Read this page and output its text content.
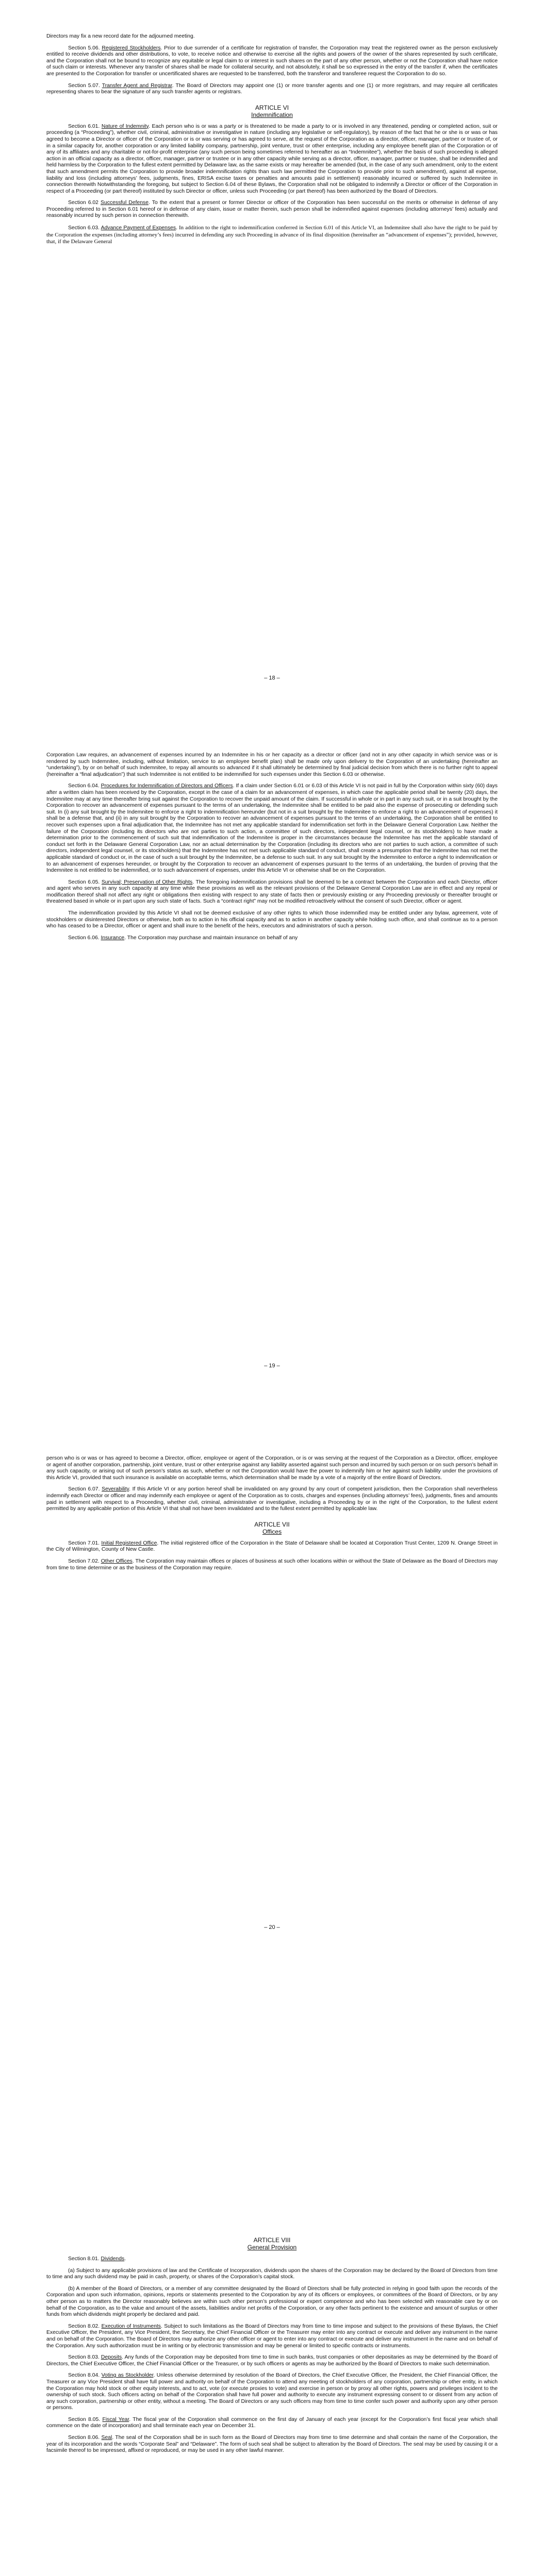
Directors may fix a new record date for the adjourned meeting.

Section 5.06. Registered Stockholders. Prior to due surrender of a certificate for registration of transfer, the Corporation may treat the registered owner as the person exclusively entitled to receive dividends and other distributions, to vote, to receive notice and otherwise to exercise all the rights and powers of the owner of the shares represented by such certificate, and the Corporation shall not be bound to recognize any equitable or legal claim to or interest in such shares on the part of any other person, whether or not the Corporation shall have notice of such claim or interests. Whenever any transfer of shares shall be made for collateral security, and not absolutely, it shall be so expressed in the entry of the transfer if, when the certificates are presented to the Corporation for transfer or uncertificated shares are requested to be transferred, both the transferor and transferee request the Corporation to do so.

Section 5.07. Transfer Agent and Registrar. The Board of Directors may appoint one (1) or more transfer agents and one (1) or more registrars, and may require all certificates representing shares to bear the signature of any such transfer agents or registrars.

ARTICLE VI
Indemnification

Section 6.01. Nature of Indemnity. Each person who is or was a party or is threatened to be made a party to or is involved in any threatened, pending or completed action, suit or proceeding (a “Proceeding”), whether civil, criminal, administrative or investigative in nature (including any legislative or self-regulatory), by reason of the fact that he or she is or was or has agreed to become a Director or officer of the Corporation or is or was serving or has agreed to serve, at the request of the Corporation as a director, officer, manager, partner or trustee of, or in a similar capacity for, another corporation or any limited liability company, partnership, joint venture, trust or other enterprise, including any employee benefit plan of the Corporation or of any of its affiliates and any charitable or not-for-profit enterprise (any such person being sometimes referred to hereafter as an “Indemnitee”), whether the basis of such proceeding is alleged action in an official capacity as a director, officer, manager, partner or trustee or in any other capacity while serving as a director, officer, manager, partner or trustee, shall be indemnified and held harmless by the Corporation to the fullest extent permitted by Delaware law, as the same exists or may hereafter be amended (but, in the case of any such amendment, only to the extent that such amendment permits the Corporation to provide broader indemnification rights than such law permitted the Corporation to provide prior to such amendment), against all expense, liability and loss (including attorneys’ fees, judgments, fines, ERISA excise taxes or penalties and amounts paid in settlement) reasonably incurred or suffered by such Indemnitee in connection therewith Notwithstanding the foregoing, but subject to Section 6.04 of these Bylaws, the Corporation shall not be obligated to indemnify a Director or officer of the Corporation in respect of a Proceeding (or part thereof) instituted by such Director or officer, unless such Proceeding (or part thereof) has been authorized by the Board of Directors.

Section 6.02 Successful Defense. To the extent that a present or former Director or officer of the Corporation has been successful on the merits or otherwise in defense of any Proceeding referred to in Section 6.01 hereof or in defense of any claim, issue or matter therein, such person shall be indemnified against expenses (including attorneys’ fees) actually and reasonably incurred by such person in connection therewith.

Section 6.03. Advance Payment of Expenses. In addition to the right to indemnification conferred in Section 6.01 of this Article VI, an Indemnitee shall also have the right to be paid by the Corporation the expenses (including attorney’s fees) incurred in defending any such Proceeding in advance of its final disposition (hereinafter an “advancement of expenses”); provided, however, that, if the Delaware General

– 18 –

Corporation Law requires, an advancement of expenses incurred by an Indemnitee in his or her capacity as a director or officer (and not in any other capacity in which service was or is rendered by such Indemnitee, including, without limitation, service to an employee benefit plan) shall be made only upon delivery to the Corporation of an undertaking (hereinafter an “undertaking”), by or on behalf of such Indemnitee, to repay all amounts so advanced if it shall ultimately be determined by final judicial decision from which there is no further right to appeal (hereinafter a “final adjudication”) that such Indemnitee is not entitled to be indemnified for such expenses under this Section 6.03 or otherwise.

Section 6.04. Procedures for Indemnification of Directors and Officers. If a claim under Section 6.01 or 6.03 of this Article VI is not paid in full by the Corporation within sixty (60) days after a written claim has been received by the Corporation, except in the case of a claim for an advancement of expenses, in which case the applicable period shall be twenty (20) days, the Indemnitee may at any time thereafter bring suit against the Corporation to recover the unpaid amount of the claim. If successful in whole or in part in any such suit, or in a suit brought by the Corporation to recover an advancement of expenses pursuant to the terms of an undertaking, the Indemnitee shall be entitled to be paid also the expense of prosecuting or defending such suit. In (i) any suit brought by the Indemnitee to enforce a right to indemnification hereunder (but not in a suit brought by the Indemnitee to enforce a right to an advancement of expenses) it shall be a defense that, and (ii) in any suit brought by the Corporation to recover an advancement of expenses pursuant to the terms of an undertaking, the Corporation shall be entitled to recover such expenses upon a final adjudication that, the Indemnitee has not met any applicable standard for indemnification set forth in the Delaware General Corporation Law. Neither the failure of the Corporation (including its directors who are not parties to such action, a committee of such directors, independent legal counsel, or its stockholders) to have made a determination prior to the commencement of such suit that indemnification of the Indemnitee is proper in the circumstances because the Indemnitee has met the applicable standard of conduct set forth in the Delaware General Corporation Law, nor an actual determination by the Corporation (including its directors who are not parties to such action, a committee of such directors, independent legal counsel, or its stockholders) that the Indemnitee has not met such applicable standard of conduct, shall create a presumption that the Indemnitee has not met the applicable standard of conduct or, in the case of such a suit brought by the Indemnitee, be a defense to such suit. In any suit brought by the Indemnitee to enforce a right to indemnification or to an advancement of expenses hereunder, or brought by the Corporation to recover an advancement of expenses pursuant to the terms of an undertaking, the burden of proving that the Indemnitee is not entitled to be indemnified, or to such advancement of expenses, under this Article VI or otherwise shall be on the Corporation.

Section 6.05. Survival; Preservation of Other Rights. The foregoing indemnification provisions shall be deemed to be a contract between the Corporation and each Director, officer and agent who serves in any such capacity at any time while these provisions as well as the relevant provisions of the Delaware General Corporation Law are in effect and any repeal or modification thereof shall not affect any right or obligations then existing with respect to any state of facts then or previously existing or any Proceeding previously or thereafter brought or threatened based in whole or in part upon any such state of facts. Such a “contract right” may not be modified retroactively without the consent of such Director, officer or agent.

The indemnification provided by this Article VI shall not be deemed exclusive of any other rights to which those indemnified may be entitled under any bylaw, agreement, vote of stockholders or disinterested Directors or otherwise, both as to action in his official capacity and as to action in another capacity while holding such office, and shall continue as to a person who has ceased to be a Director, officer or agent and shall inure to the benefit of the heirs, executors and administrators of such a person.

Section 6.06. Insurance. The Corporation may purchase and maintain insurance on behalf of any

– 19 –

person who is or was or has agreed to become a Director, officer, employee or agent of the Corporation, or is or was serving at the request of the Corporation as a Director, officer, employee or agent of another corporation, partnership, joint venture, trust or other enterprise against any liability asserted against such person and incurred by such person or on such person’s behalf in any such capacity, or arising out of such person’s status as such, whether or not the Corporation would have the power to indemnify him or her against such liability under the provisions of this Article VI, provided that such insurance is available on acceptable terms, which determination shall be made by a vote of a majority of the entire Board of Directors.

Section 6.07. Severability. If this Article VI or any portion hereof shall be invalidated on any ground by any court of competent jurisdiction, then the Corporation shall nevertheless indemnify each Director or officer and may indemnify each employee or agent of the Corporation as to costs, charges and expenses (including attorneys’ fees), judgments, fines and amounts paid in settlement with respect to a Proceeding, whether civil, criminal, administrative or investigative, including a Proceeding by or in the right of the Corporation, to the fullest extent permitted by any applicable portion of this Article VI that shall not have been invalidated and to the fullest extent permitted by applicable law.

ARTICLE VII
Offices

Section 7.01. Initial Registered Office. The initial registered office of the Corporation in the State of Delaware shall be located at Corporation Trust Center, 1209 N. Orange Street in the City of Wilmington, County of New Castle.

Section 7.02. Other Offices. The Corporation may maintain offices or places of business at such other locations within or without the State of Delaware as the Board of Directors may from time to time determine or as the business of the Corporation may require.

– 20 –
ARTICLE VIII
General Provision

Section 8.01. Dividends.

(a) Subject to any applicable provisions of law and the Certificate of Incorporation, dividends upon the shares of the Corporation may be declared by the Board of Directors from time to time and any such dividend may be paid in cash, property, or shares of the Corporation’s capital stock.

(b) A member of the Board of Directors, or a member of any committee designated by the Board of Directors shall be fully protected in relying in good faith upon the records of the Corporation and upon such information, opinions, reports or statements presented to the Corporation by any of its officers or employees, or committees of the Board of Directors, or by any other person as to matters the Director reasonably believes are within such other person’s professional or expert competence and who has been selected with reasonable care by or on behalf of the Corporation, as to the value and amount of the assets, liabilities and/or net profits of the Corporation, or any other facts pertinent to the existence and amount of surplus or other funds from which dividends might properly be declared and paid.

Section 8.02. Execution of Instruments. Subject to such limitations as the Board of Directors may from time to time impose and subject to the provisions of these Bylaws, the Chief Executive Officer, the President, any Vice President, the Secretary, the Chief Financial Officer or the Treasurer may enter into any contract or execute and deliver any instrument in the name and on behalf of the Corporation. The Board of Directors may authorize any other officer or agent to enter into any contract or execute and deliver any instrument in the name and on behalf of the Corporation. Any such authorization must be in writing or by electronic transmission and may be general or limited to specific contracts or instruments.

Section 8.03. Deposits. Any funds of the Corporation may be deposited from time to time in such banks, trust companies or other depositaries as may be determined by the Board of Directors, the Chief Executive Officer, the Chief Financial Officer or the Treasurer, or by such officers or agents as may be authorized by the Board of Directors to make such determination.

Section 8.04. Voting as Stockholder. Unless otherwise determined by resolution of the Board of Directors, the Chief Executive Officer, the President, the Chief Financial Officer, the Treasurer or any Vice President shall have full power and authority on behalf of the Corporation to attend any meeting of stockholders of any corporation, partnership or other entity, in which the Corporation may hold stock or other equity interests, and to act, vote (or execute proxies to vote) and exercise in person or by proxy all other rights, powers and privileges incident to the ownership of such stock. Such officers acting on behalf of the Corporation shall have full power and authority to execute any instrument expressing consent to or dissent from any action of any such corporation, partnership or other entity, without a meeting. The Board of Directors or any such officers may from time to time confer such power and authority upon any other person or persons.

Section 8.05. Fiscal Year. The fiscal year of the Corporation shall commence on the first day of January of each year (except for the Corporation’s first fiscal year which shall commence on the date of incorporation) and shall terminate each year on December 31.

Section 8.06. Seal. The seal of the Corporation shall be in such form as the Board of Directors may from time to time determine and shall contain the name of the Corporation, the year of its incorporation and the words “Corporate Seal” and “Delaware”. The form of such seal shall be subject to alteration by the Board of Directors. The seal may be used by causing it or a facsimile thereof to be impressed, affixed or reproduced, or may be used in any other lawful manner.
